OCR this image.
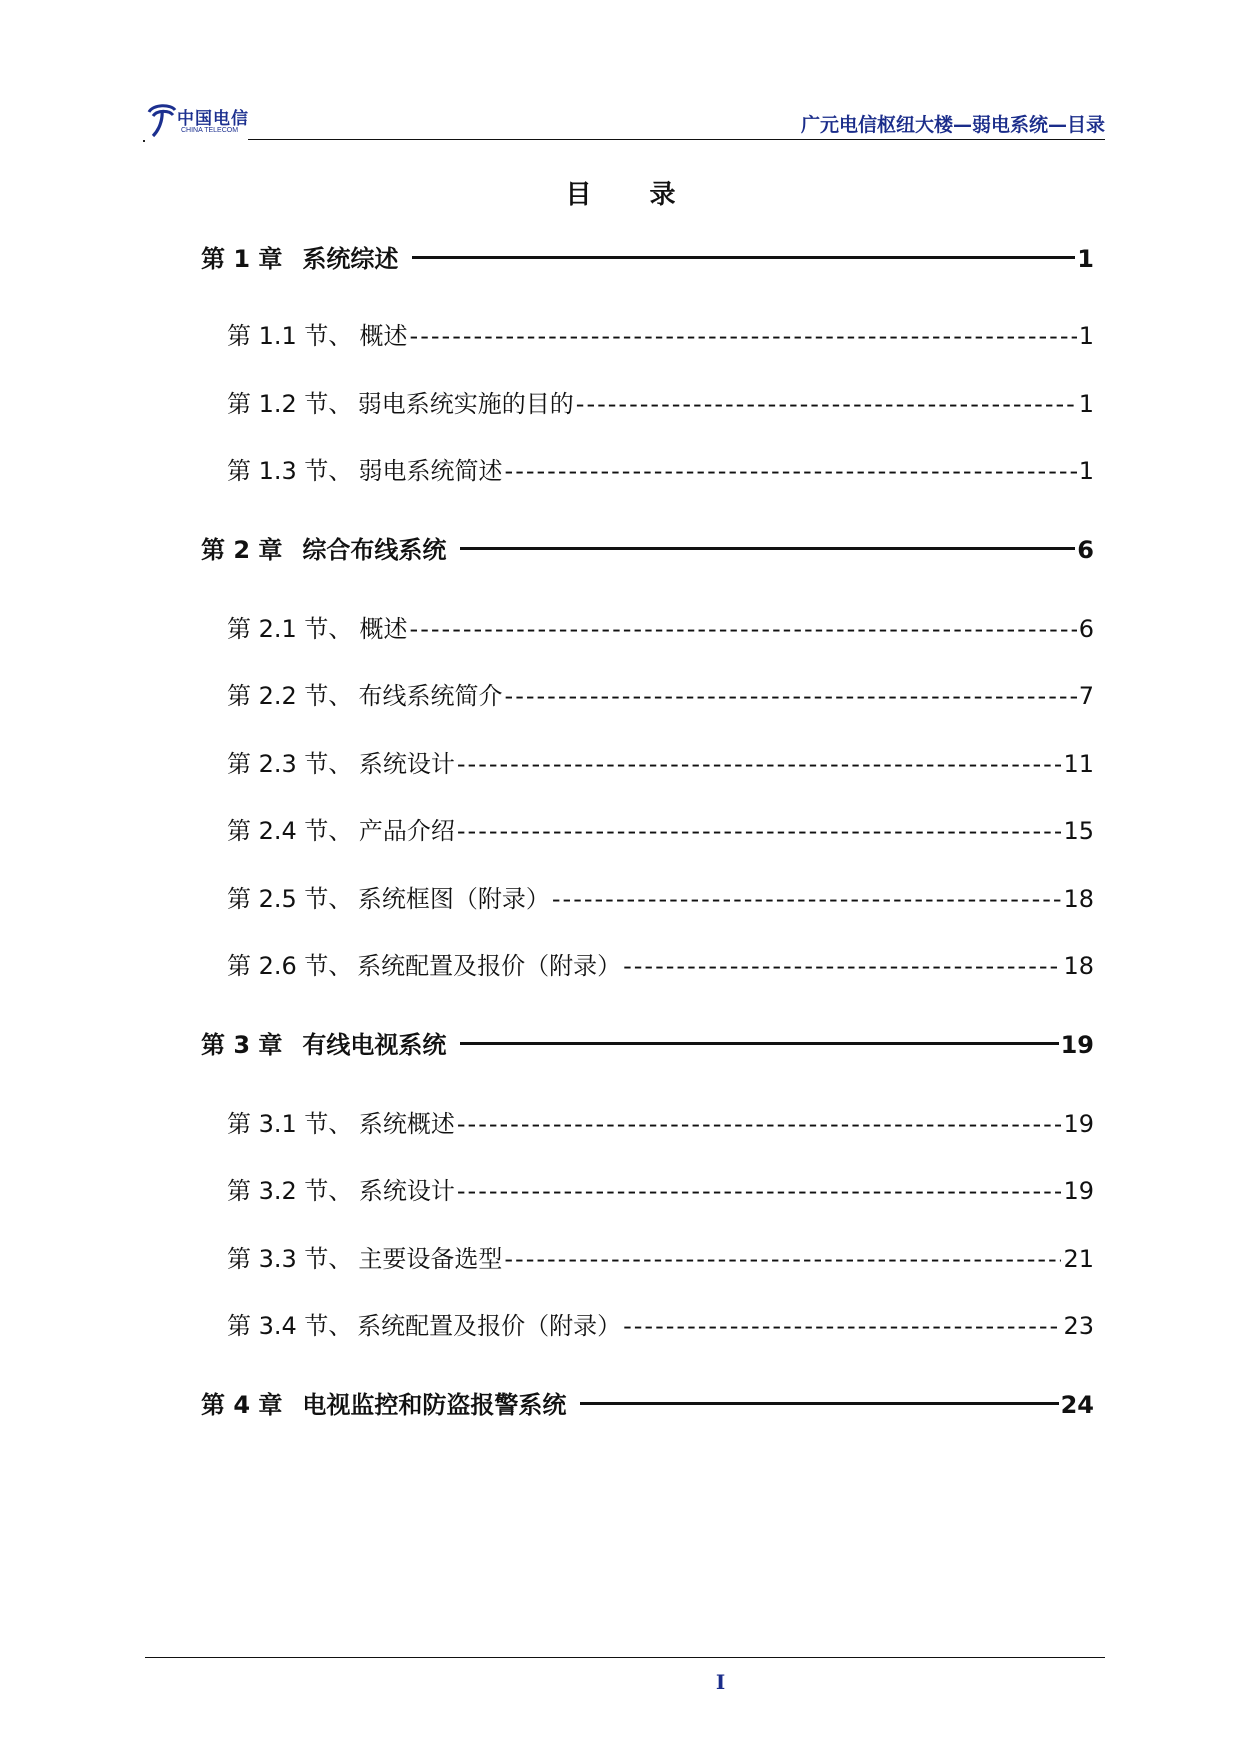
中国电信
CHINA TELECOM	广元电信枢纽大楼—弱电系统—目录
目录
第 1 章 系统综述	1
第 1.1 节、 概述 -----	1
第 1.2 节、 弱电系统实施的目的 -----	1
第 1.3 节、 弱电系统简述 -----	1
第 2 章 综合布线系统	6
第 2.1 节、 概述 -----	6
第 2.2 节、 布线系统简介 -----	7
第 2.3 节、 系统设计 -----	11
第 2.4 节、 产品介绍 -----	15
第 2.5 节、 系统框图（附录） -----	18
第 2.6 节、 系统配置及报价（附录） -----	18
第 3 章 有线电视系统	19
第 3.1 节、 系统概述 -----	19
第 3.2 节、 系统设计 -----	19
第 3.3 节、 主要设备选型 -----	21
第 3.4 节、 系统配置及报价（附录） -----	23
第 4 章 电视监控和防盗报警系统	24
I
